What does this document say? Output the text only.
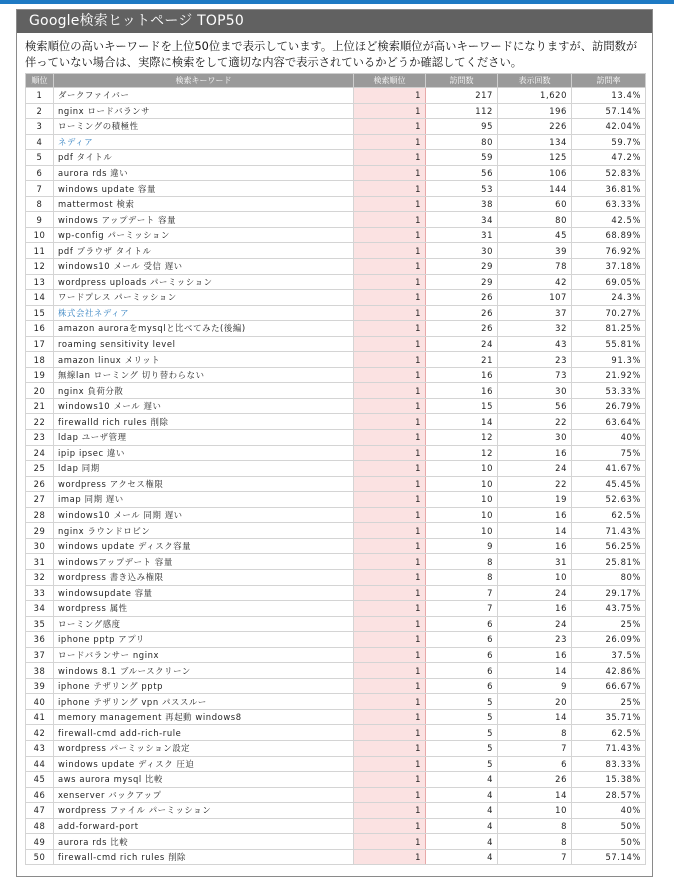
Google検索ヒットページ TOP50
検索順位の高いキーワードを上位50位まで表示しています。上位ほど検索順位が高いキーワードになりますが、訪問数が伴っていない場合は、実際に検索をして適切な内容で表示されているかどうか確認してください。
順位	検索キーワード	検索順位	訪問数	表示回数	訪問率
1	ダークファイバー	1	217	1,620	13.4%
2	nginx ロードバランサ	1	112	196	57.14%
3	ローミングの積極性	1	95	226	42.04%
4	ネディア	1	80	134	59.7%
5	pdf タイトル	1	59	125	47.2%
6	aurora rds 違い	1	56	106	52.83%
7	windows update 容量	1	53	144	36.81%
8	mattermost 検索	1	38	60	63.33%
9	windows アップデート 容量	1	34	80	42.5%
10	wp-config パーミッション	1	31	45	68.89%
11	pdf ブラウザ タイトル	1	30	39	76.92%
12	windows10 メール 受信 遅い	1	29	78	37.18%
13	wordpress uploads パーミッション	1	29	42	69.05%
14	ワードプレス パーミッション	1	26	107	24.3%
15	株式会社ネディア	1	26	37	70.27%
16	amazon auroraをmysqlと比べてみた(後編)	1	26	32	81.25%
17	roaming sensitivity level	1	24	43	55.81%
18	amazon linux メリット	1	21	23	91.3%
19	無線lan ローミング 切り替わらない	1	16	73	21.92%
20	nginx 負荷分散	1	16	30	53.33%
21	windows10 メール 遅い	1	15	56	26.79%
22	firewalld rich rules 削除	1	14	22	63.64%
23	ldap ユーザ管理	1	12	30	40%
24	ipip ipsec 違い	1	12	16	75%
25	ldap 同期	1	10	24	41.67%
26	wordpress アクセス権限	1	10	22	45.45%
27	imap 同期 遅い	1	10	19	52.63%
28	windows10 メール 同期 遅い	1	10	16	62.5%
29	nginx ラウンドロビン	1	10	14	71.43%
30	windows update ディスク容量	1	9	16	56.25%
31	windowsアップデート 容量	1	8	31	25.81%
32	wordpress 書き込み権限	1	8	10	80%
33	windowsupdate 容量	1	7	24	29.17%
34	wordpress 属性	1	7	16	43.75%
35	ローミング感度	1	6	24	25%
36	iphone pptp アプリ	1	6	23	26.09%
37	ロードバランサー nginx	1	6	16	37.5%
38	windows 8.1 ブルースクリーン	1	6	14	42.86%
39	iphone テザリング pptp	1	6	9	66.67%
40	iphone テザリング vpn パススルー	1	5	20	25%
41	memory management 再起動 windows8	1	5	14	35.71%
42	firewall-cmd add-rich-rule	1	5	8	62.5%
43	wordpress パーミッション設定	1	5	7	71.43%
44	windows update ディスク 圧迫	1	5	6	83.33%
45	aws aurora mysql 比較	1	4	26	15.38%
46	xenserver バックアップ	1	4	14	28.57%
47	wordpress ファイル パーミッション	1	4	10	40%
48	add-forward-port	1	4	8	50%
49	aurora rds 比較	1	4	8	50%
50	firewall-cmd rich rules 削除	1	4	7	57.14%
